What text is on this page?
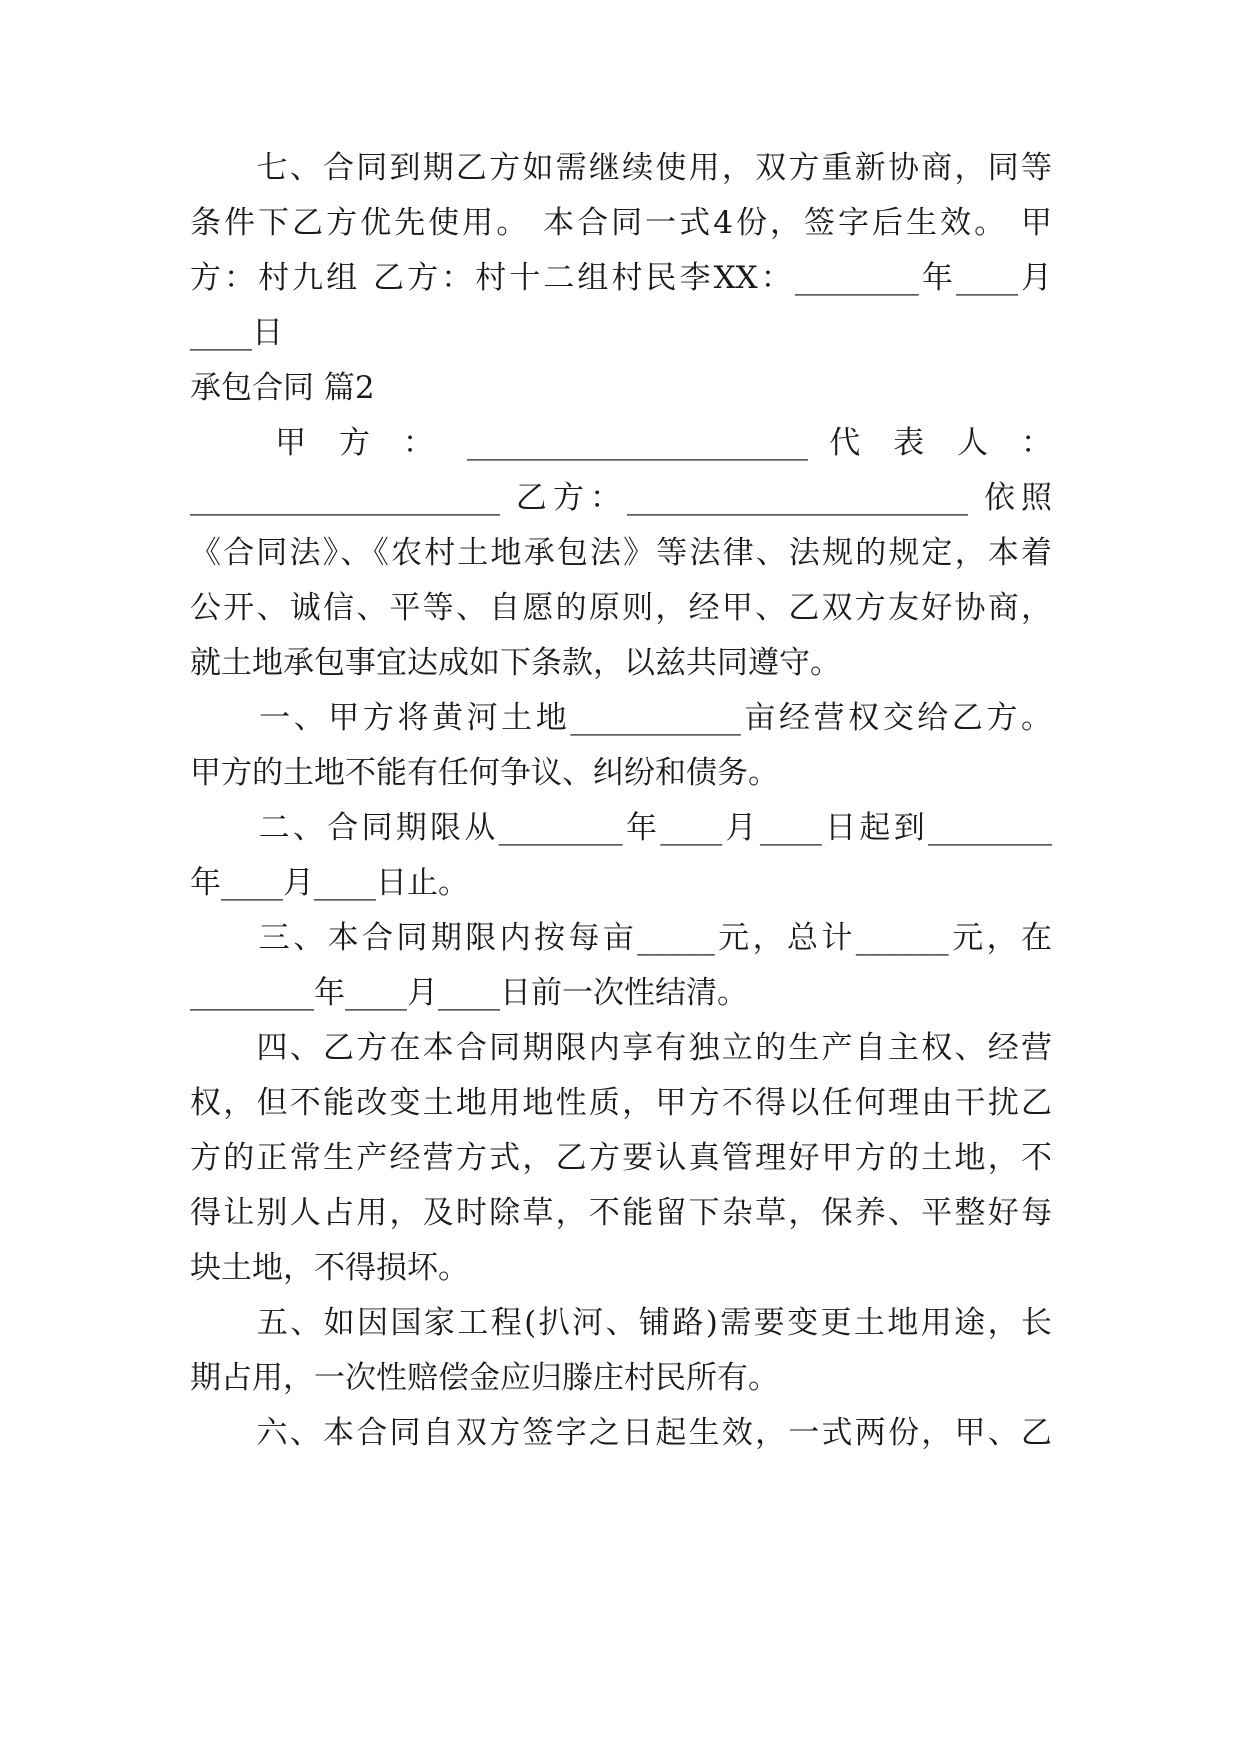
　　七、合同到期乙方如需继续使用，双方重新协商，同等
条件下乙方优先使用。 本合同一式4份，签字后生效。 甲
方：村九组 乙方：村十二组村民李XX：________年____月
____日
承包合同 篇2
　　甲 方 ： ______________________ 代 表 人 ：
____________________ 乙方：______________________ 依照
《合同法》、《农村土地承包法》等法律、法规的规定，本着
公开、诚信、平等、自愿的原则，经甲、乙双方友好协商，
就土地承包事宜达成如下条款，以兹共同遵守。
　　一、甲方将黄河土地___________亩经营权交给乙方。
甲方的土地不能有任何争议、纠纷和债务。
　　二、合同期限从________年____月____日起到________
年____月____日止。
　　三、本合同期限内按每亩_____元，总计______元，在
________年____月____日前一次性结清。
　　四、乙方在本合同期限内享有独立的生产自主权、经营
权，但不能改变土地用地性质，甲方不得以任何理由干扰乙
方的正常生产经营方式，乙方要认真管理好甲方的土地，不
得让别人占用，及时除草，不能留下杂草，保养、平整好每
块土地，不得损坏。
　　五、如因国家工程(扒河、铺路)需要变更土地用途，长
期占用，一次性赔偿金应归滕庄村民所有。
　　六、本合同自双方签字之日起生效，一式两份，甲、乙
